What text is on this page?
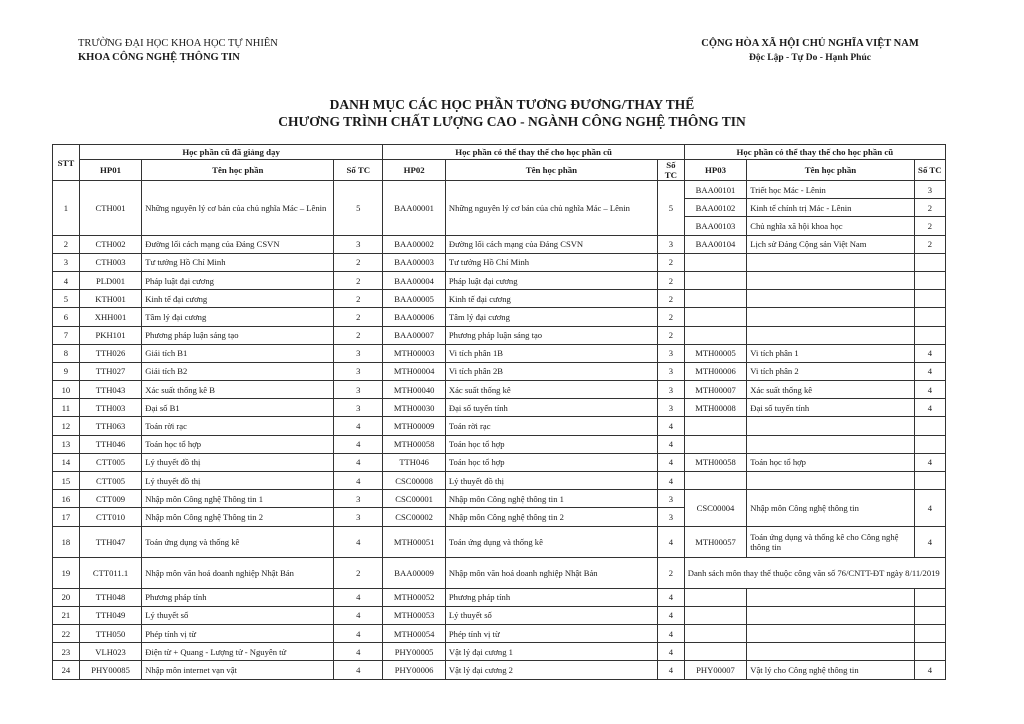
TRƯỜNG ĐẠI HỌC KHOA HỌC TỰ NHIÊN
KHOA CÔNG NGHỆ THÔNG TIN
CỘNG HÒA XÃ HỘI CHỦ NGHĨA VIỆT NAM
Độc Lập - Tự Do - Hạnh Phúc
DANH MỤC CÁC HỌC PHẦN TƯƠNG ĐƯƠNG/THAY THẾ
CHƯƠNG TRÌNH CHẤT LƯỢNG CAO - NGÀNH CÔNG NGHỆ THÔNG TIN
STT	Học phần cũ đã giảng dạy			Học phần có thể thay thế cho học phần cũ			Học phần có thể thay thế cho học phần cũ		
	HP01	Tên học phần	Số TC	HP02	Tên học phần	Số TC	HP03	Tên học phần	Số TC
1	CTH001	Những nguyên lý cơ bản của chủ nghĩa Mác – Lênin	5	BAA00001	Những nguyên lý cơ bản của chủ nghĩa Mác – Lênin	5	BAA00101	Triết học Mác - Lênin	3
							BAA00102	Kinh tế chính trị Mác - Lênin	2
							BAA00103	Chủ nghĩa xã hội khoa học	2
2	CTH002	Đường lối cách mạng của Đảng CSVN	3	BAA00002	Đường lối cách mạng của Đảng CSVN	3	BAA00104	Lịch sử Đảng Cộng sản Việt Nam	2
3	CTH003	Tư tưởng Hồ Chí Minh	2	BAA00003	Tư tưởng Hồ Chí Minh	2			
4	PLD001	Pháp luật đại cương	2	BAA00004	Pháp luật đại cương	2			
5	KTH001	Kinh tế đại cương	2	BAA00005	Kinh tế đại cương	2			
6	XHH001	Tâm lý đại cương	2	BAA00006	Tâm lý đại cương	2			
7	PKH101	Phương pháp luận sáng tạo	2	BAA00007	Phương pháp luận sáng tạo	2			
8	TTH026	Giải tích B1	3	MTH00003	Vi tích phân 1B	3	MTH00005	Vi tích phân 1	4
9	TTH027	Giải tích B2	3	MTH00004	Vi tích phân 2B	3	MTH00006	Vi tích phân 2	4
10	TTH043	Xác suất thống kê B	3	MTH00040	Xác suất thống kê	3	MTH00007	Xác suất thống kê	4
11	TTH003	Đại số B1	3	MTH00030	Đại số tuyến tính	3	MTH00008	Đại số tuyến tính	4
12	TTH063	Toán rời rạc	4	MTH00009	Toán rời rạc	4			
13	TTH046	Toán học tổ hợp	4	MTH00058	Toán học tổ hợp	4			
14	CTT005	Lý thuyết đồ thị	4	TTH046	Toán học tổ hợp	4	MTH00058	Toán học tổ hợp	4
15	CTT005	Lý thuyết đồ thị	4	CSC00008	Lý thuyết đồ thị	4			
16	CTT009	Nhập môn Công nghệ Thông tin 1	3	CSC00001	Nhập môn Công nghệ thông tin 1	3	CSC00004	Nhập môn Công nghệ thông tin	4
17	CTT010	Nhập môn Công nghệ Thông tin 2	3	CSC00002	Nhập môn Công nghệ thông tin 2	3			
18	TTH047	Toán ứng dụng và thống kê	4	MTH00051	Toán ứng dụng và thống kê	4	MTH00057	Toán ứng dụng và thống kê cho Công nghệ thông tin	4
19	CTT011.1	Nhập môn văn hoá doanh nghiệp Nhật Bản	2	BAA00009	Nhập môn văn hoá doanh nghiệp Nhật Bản	2	Danh sách môn thay thế thuộc công văn số 76/CNTT-ĐT ngày 8/11/2019		
20	TTH048	Phương pháp tính	4	MTH00052	Phương pháp tính	4			
21	TTH049	Lý thuyết số	4	MTH00053	Lý thuyết số	4			
22	TTH050	Phép tính vị từ	4	MTH00054	Phép tính vị từ	4			
23	VLH023	Điện từ + Quang - Lượng tử - Nguyên tử	4	PHY00005	Vật lý đại cương 1	4			
24	PHY00085	Nhập môn internet vạn vật	4	PHY00006	Vật lý đại cương 2	4	PHY00007	Vật lý cho Công nghệ thông tin	4
